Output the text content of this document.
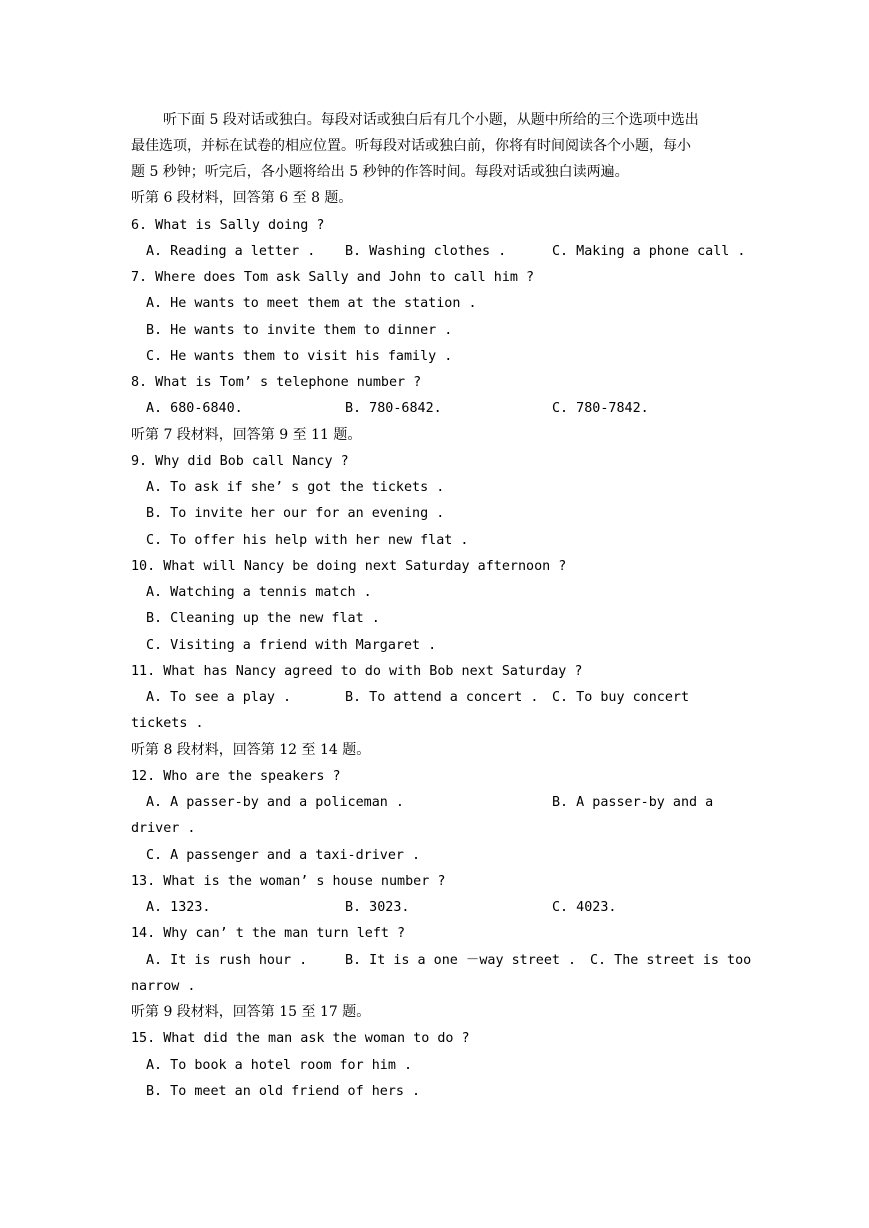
听下面 5 段对话或独白。每段对话或独白后有几个小题，从题中所给的三个选项中选出
最佳选项，并标在试卷的相应位置。听每段对话或独白前，你将有时间阅读各个小题，每小
题 5 秒钟；听完后，各小题将给出 5 秒钟的作答时间。每段对话或独白读两遍。
听第 6 段材料，回答第 6 至 8 题。
6. What is Sally doing ?
A. Reading a letter . B. Washing clothes .	C. Making a phone call .
7. Where does Tom ask Sally and John to call him ?
A. He wants to meet them at the station .
B. He wants to invite them to dinner .
C. He wants them to visit his family .
8. What is Tom’ s telephone number ?
A. 680-6840.	B. 780-6842.	C. 780-7842.
听第 7 段材料，回答第 9 至 11 题。
9. Why did Bob call Nancy ?
A. To ask if she’ s got the tickets .
B. To invite her our for an evening .
C. To offer his help with her new flat .
10. What will Nancy be doing next Saturday afternoon ?
A. Watching a tennis match .
B. Cleaning up the new flat .
C. Visiting a friend with Margaret .
11. What has Nancy agreed to do with Bob next Saturday ?
A. To see a play .	B. To attend a concert . C. To buy concert
tickets .
听第 8 段材料，回答第 12 至 14 题。
12. Who are the speakers ?
A. A passer-by and a policeman .	B. A passer-by and a
driver .
C. A passenger and a taxi-driver .
13. What is the woman’ s house number ?
A. 1323.	B. 3023.	C. 4023.
14. Why can’ t the man turn left ?
A. It is rush hour .	B. It is a one －way street . C. The street is too
narrow .
听第 9 段材料，回答第 15 至 17 题。
15. What did the man ask the woman to do ?
A. To book a hotel room for him .
B. To meet an old friend of hers .
